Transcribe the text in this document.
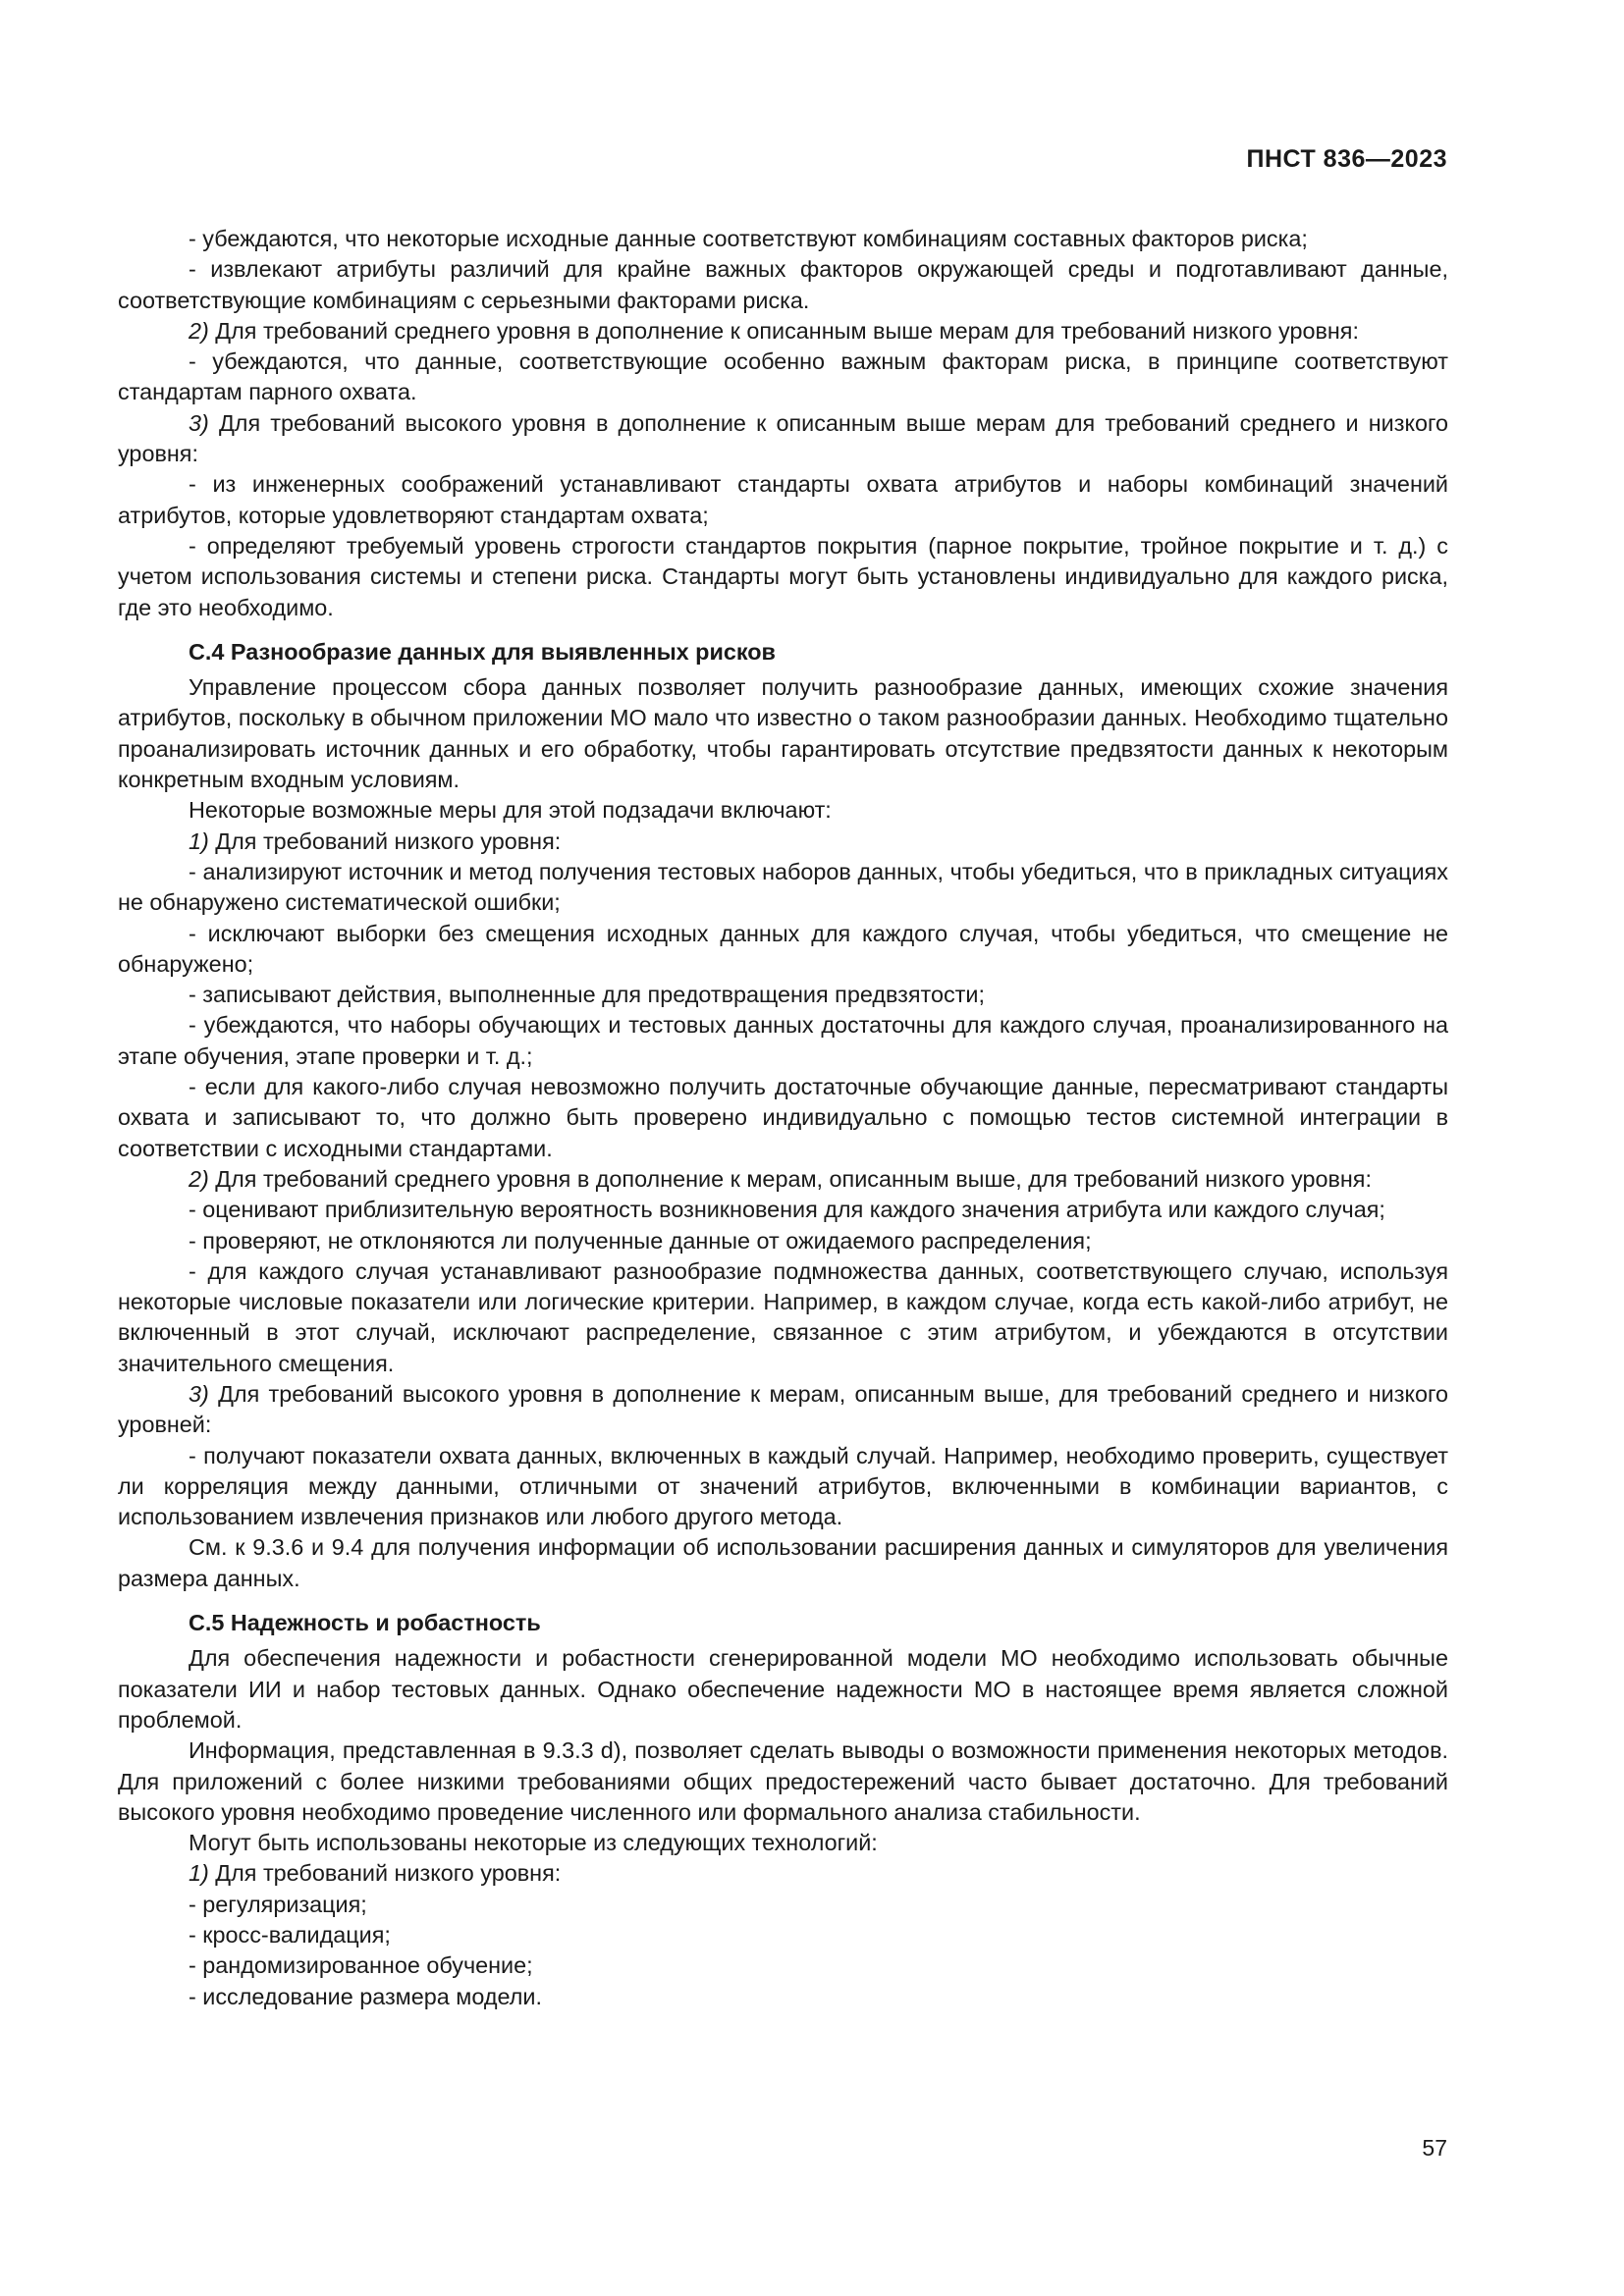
ПНСТ 836—2023

- убеждаются, что некоторые исходные данные соответствуют комбинациям составных факторов риска;

- извлекают атрибуты различий для крайне важных факторов окружающей среды и подготавливают данные, соответствующие комбинациям с серьезными факторами риска.

2) Для требований среднего уровня в дополнение к описанным выше мерам для требований низкого уровня:

- убеждаются, что данные, соответствующие особенно важным факторам риска, в принципе соответствуют стандартам парного охвата.

3) Для требований высокого уровня в дополнение к описанным выше мерам для требований среднего и низкого уровня:

- из инженерных соображений устанавливают стандарты охвата атрибутов и наборы комбинаций значений атрибутов, которые удовлетворяют стандартам охвата;

- определяют требуемый уровень строгости стандартов покрытия (парное покрытие, тройное покрытие и т. д.) с учетом использования системы и степени риска. Стандарты могут быть установлены индивидуально для каждого риска, где это необходимо.

С.4 Разнообразие данных для выявленных рисков

Управление процессом сбора данных позволяет получить разнообразие данных, имеющих схожие значения атрибутов, поскольку в обычном приложении МО мало что известно о таком разнообразии данных. Необходимо тщательно проанализировать источник данных и его обработку, чтобы гарантировать отсутствие предвзятости данных к некоторым конкретным входным условиям.

Некоторые возможные меры для этой подзадачи включают:

1) Для требований низкого уровня:

- анализируют источник и метод получения тестовых наборов данных, чтобы убедиться, что в прикладных ситуациях не обнаружено систематической ошибки;

- исключают выборки без смещения исходных данных для каждого случая, чтобы убедиться, что смещение не обнаружено;

- записывают действия, выполненные для предотвращения предвзятости;

- убеждаются, что наборы обучающих и тестовых данных достаточны для каждого случая, проанализированного на этапе обучения, этапе проверки и т. д.;

- если для какого-либо случая невозможно получить достаточные обучающие данные, пересматривают стандарты охвата и записывают то, что должно быть проверено индивидуально с помощью тестов системной интеграции в соответствии с исходными стандартами.

2) Для требований среднего уровня в дополнение к мерам, описанным выше, для требований низкого уровня:

- оценивают приблизительную вероятность возникновения для каждого значения атрибута или каждого случая;

- проверяют, не отклоняются ли полученные данные от ожидаемого распределения;

- для каждого случая устанавливают разнообразие подмножества данных, соответствующего случаю, используя некоторые числовые показатели или логические критерии. Например, в каждом случае, когда есть какой-либо атрибут, не включенный в этот случай, исключают распределение, связанное с этим атрибутом, и убеждаются в отсутствии значительного смещения.

3) Для требований высокого уровня в дополнение к мерам, описанным выше, для требований среднего и низкого уровней:

- получают показатели охвата данных, включенных в каждый случай. Например, необходимо проверить, существует ли корреляция между данными, отличными от значений атрибутов, включенными в комбинации вариантов, с использованием извлечения признаков или любого другого метода.

См. к 9.3.6 и 9.4 для получения информации об использовании расширения данных и симуляторов для увеличения размера данных.

С.5 Надежность и робастность

Для обеспечения надежности и робастности сгенерированной модели МО необходимо использовать обычные показатели ИИ и набор тестовых данных. Однако обеспечение надежности МО в настоящее время является сложной проблемой.

Информация, представленная в 9.3.3 d), позволяет сделать выводы о возможности применения некоторых методов. Для приложений с более низкими требованиями общих предостережений часто бывает достаточно. Для требований высокого уровня необходимо проведение численного или формального анализа стабильности.

Могут быть использованы некоторые из следующих технологий:

1) Для требований низкого уровня:

- регуляризация;

- кросс-валидация;

- рандомизированное обучение;

- исследование размера модели.

57
